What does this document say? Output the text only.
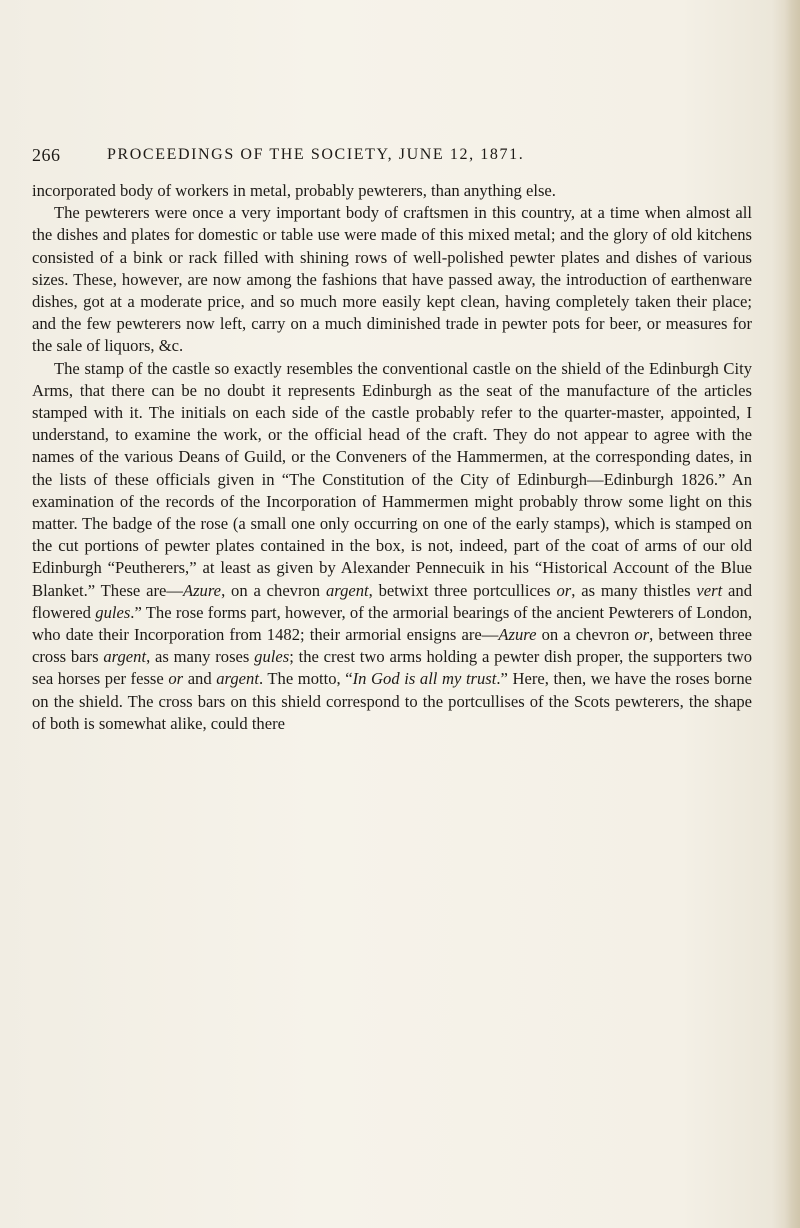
266	PROCEEDINGS OF THE SOCIETY, JUNE 12, 1871.

incorporated body of workers in metal, probably pewterers, than anything else.

The pewterers were once a very important body of craftsmen in this country, at a time when almost all the dishes and plates for domestic or table use were made of this mixed metal; and the glory of old kitchens consisted of a bink or rack filled with shining rows of well-polished pewter plates and dishes of various sizes. These, however, are now among the fashions that have passed away, the introduction of earthenware dishes, got at a moderate price, and so much more easily kept clean, having completely taken their place; and the few pewterers now left, carry on a much diminished trade in pewter pots for beer, or measures for the sale of liquors, &c.

The stamp of the castle so exactly resembles the conventional castle on the shield of the Edinburgh City Arms, that there can be no doubt it represents Edinburgh as the seat of the manufacture of the articles stamped with it. The initials on each side of the castle probably refer to the quarter-master, appointed, I understand, to examine the work, or the official head of the craft. They do not appear to agree with the names of the various Deans of Guild, or the Conveners of the Hammermen, at the corresponding dates, in the lists of these officials given in “The Constitution of the City of Edinburgh—Edinburgh 1826.” An examination of the records of the Incorporation of Hammermen might probably throw some light on this matter. The badge of the rose (a small one only occurring on one of the early stamps), which is stamped on the cut portions of pewter plates contained in the box, is not, indeed, part of the coat of arms of our old Edinburgh “Peutherers,” at least as given by Alexander Pennecuik in his “Historical Account of the Blue Blanket.” These are—Azure, on a chevron argent, betwixt three portcullices or, as many thistles vert and flowered gules.” The rose forms part, however, of the armorial bearings of the ancient Pewterers of London, who date their Incorporation from 1482; their armorial ensigns are—Azure on a chevron or, between three cross bars argent, as many roses gules; the crest two arms holding a pewter dish proper, the supporters two sea horses per fesse or and argent. The motto, “In God is all my trust.” Here, then, we have the roses borne on the shield. The cross bars on this shield correspond to the portcullises of the Scots pewterers, the shape of both is somewhat alike, could there
